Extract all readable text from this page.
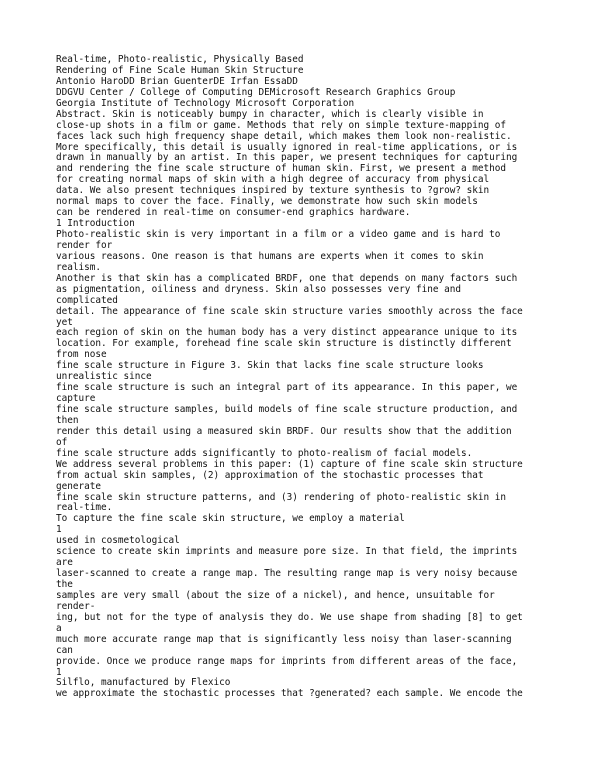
Real-time, Photo-realistic, Physically Based
Rendering of Fine Scale Human Skin Structure
Antonio HaroDD Brian GuenterDE Irfan EssaDD
DDGVU Center / College of Computing DEMicrosoft Research Graphics Group
Georgia Institute of Technology Microsoft Corporation
Abstract. Skin is noticeably bumpy in character, which is clearly visible in
close-up shots in a film or game. Methods that rely on simple texture-mapping of
faces lack such high frequency shape detail, which makes them look non-realistic.
More specifically, this detail is usually ignored in real-time applications, or is
drawn in manually by an artist. In this paper, we present techniques for capturing
and rendering the fine scale structure of human skin. First, we present a method
for creating normal maps of skin with a high degree of accuracy from physical
data. We also present techniques inspired by texture synthesis to ?grow? skin
normal maps to cover the face. Finally, we demonstrate how such skin models
can be rendered in real-time on consumer-end graphics hardware.
1 Introduction
Photo-realistic skin is very important in a film or a video game and is hard to
render for
various reasons. One reason is that humans are experts when it comes to skin
realism.
Another is that skin has a complicated BRDF, one that depends on many factors such
as pigmentation, oiliness and dryness. Skin also possesses very fine and
complicated
detail. The appearance of fine scale skin structure varies smoothly across the face
yet
each region of skin on the human body has a very distinct appearance unique to its
location. For example, forehead fine scale skin structure is distinctly different
from nose
fine scale structure in Figure 3. Skin that lacks fine scale structure looks
unrealistic since
fine scale structure is such an integral part of its appearance. In this paper, we
capture
fine scale structure samples, build models of fine scale structure production, and
then
render this detail using a measured skin BRDF. Our results show that the addition
of
fine scale structure adds significantly to photo-realism of facial models.
We address several problems in this paper: (1) capture of fine scale skin structure
from actual skin samples, (2) approximation of the stochastic processes that
generate
fine scale skin structure patterns, and (3) rendering of photo-realistic skin in
real-time.
To capture the fine scale skin structure, we employ a material
1
used in cosmetological
science to create skin imprints and measure pore size. In that field, the imprints
are
laser-scanned to create a range map. The resulting range map is very noisy because
the
samples are very small (about the size of a nickel), and hence, unsuitable for
render-
ing, but not for the type of analysis they do. We use shape from shading [8] to get
a
much more accurate range map that is significantly less noisy than laser-scanning
can
provide. Once we produce range maps for imprints from different areas of the face,
1
Silflo, manufactured by Flexico
we approximate the stochastic processes that ?generated? each sample. We encode the
